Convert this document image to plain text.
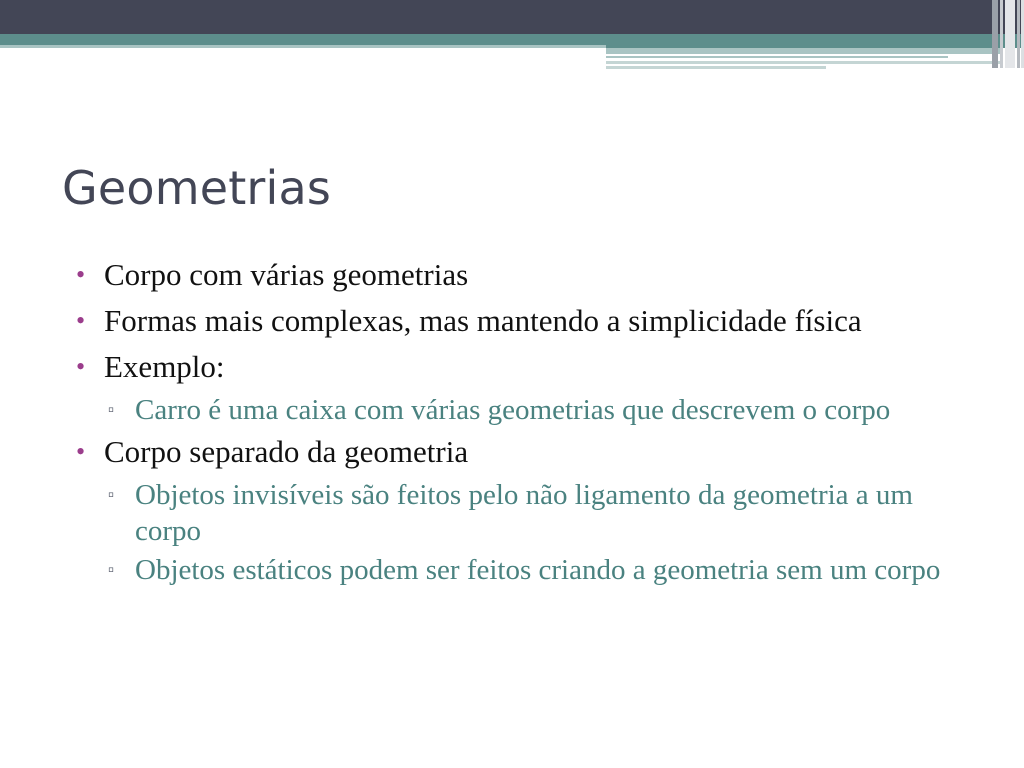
Geometrias
• Corpo com várias geometrias
• Formas mais complexas, mas mantendo a simplicidade física
• Exemplo:
▫ Carro é uma caixa com várias geometrias que descrevem o corpo
• Corpo separado da geometria
▫ Objetos invisíveis são feitos pelo não ligamento da geometria a um corpo
▫ Objetos estáticos podem ser feitos criando a geometria sem um corpo
